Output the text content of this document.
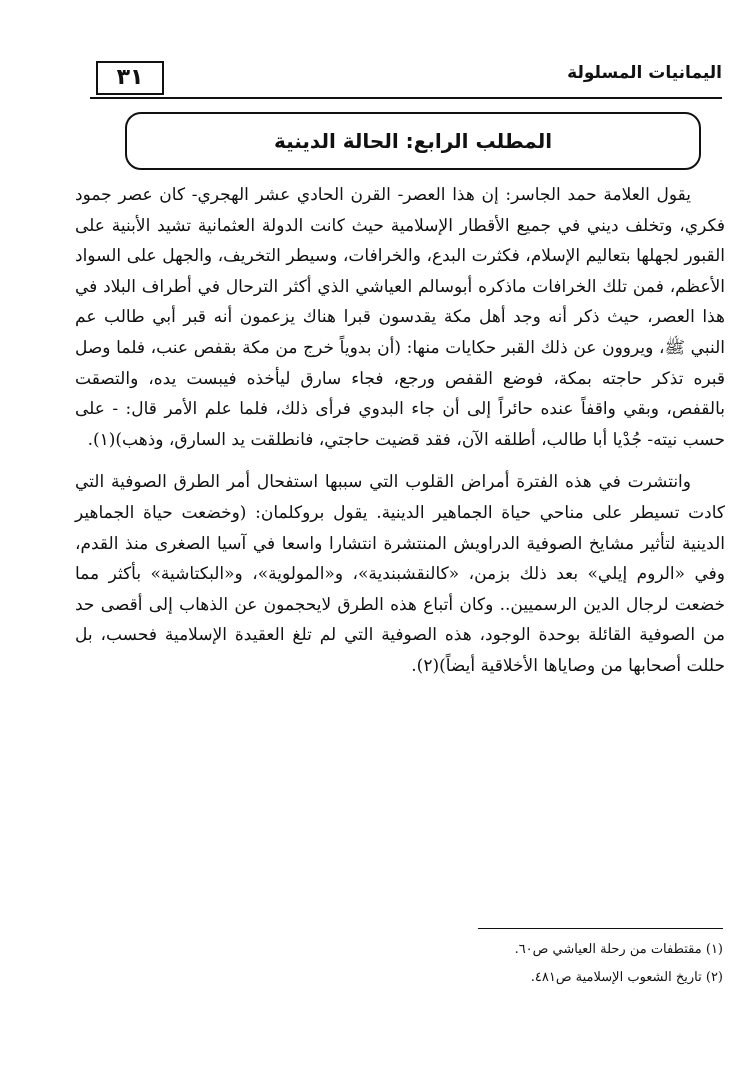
٣١	اليمانيات المسلولة
المطلب الرابع: الحالة الدينية

يقول العلامة حمد الجاسر: إن هذا العصر- القرن الحادي عشر الهجري- كان عصر جمود فكري، وتخلف ديني في جميع الأقطار الإسلامية حيث كانت الدولة العثمانية تشيد الأبنية على القبور لجهلها بتعاليم الإسلام، فكثرت البدع، والخرافات، وسيطر التخريف، والجهل على السواد الأعظم، فمن تلك الخرافات ماذكره أبوسالم العياشي الذي أكثر الترحال في أطراف البلاد في هذا العصر، حيث ذكر أنه وجد أهل مكة يقدسون قبرا هناك يزعمون أنه قبر أبي طالب عم النبي ﷺ، ويروون عن ذلك القبر حكايات منها: (أن بدوياً خرج من مكة بقفص عنب، فلما وصل قبره تذكر حاجته بمكة، فوضع القفص ورجع، فجاء سارق ليأخذه فيبست يده، والتصقت بالقفص، وبقي واقفاً عنده حائراً إلى أن جاء البدوي فرأى ذلك، فلما علم الأمر قال: - على حسب نيته- جُدْيا أبا طالب، أطلقه الآن، فقد قضيت حاجتي، فانطلقت يد السارق، وذهب)(١).

وانتشرت في هذه الفترة أمراض القلوب التي سببها استفحال أمر الطرق الصوفية التي كادت تسيطر على مناحي حياة الجماهير الدينية. يقول بروكلمان: (وخضعت حياة الجماهير الدينية لتأثير مشايخ الصوفية الدراويش المنتشرة انتشارا واسعا في آسيا الصغرى منذ القدم، وفي «الروم إيلي» بعد ذلك بزمن، «كالنقشبندية»، و«المولوية»، و«البكتاشية» بأكثر مما خضعت لرجال الدين الرسميين.. وكان أتباع هذه الطرق لايحجمون عن الذهاب إلى أقصى حد من الصوفية القائلة بوحدة الوجود، هذه الصوفية التي لم تلغ العقيدة الإسلامية فحسب، بل حللت أصحابها من وصاياها الأخلاقية أيضاً)(٢).

(١) مقتطفات من رحلة العياشي ص٦٠.
(٢) تاريخ الشعوب الإسلامية ص٤٨١.
